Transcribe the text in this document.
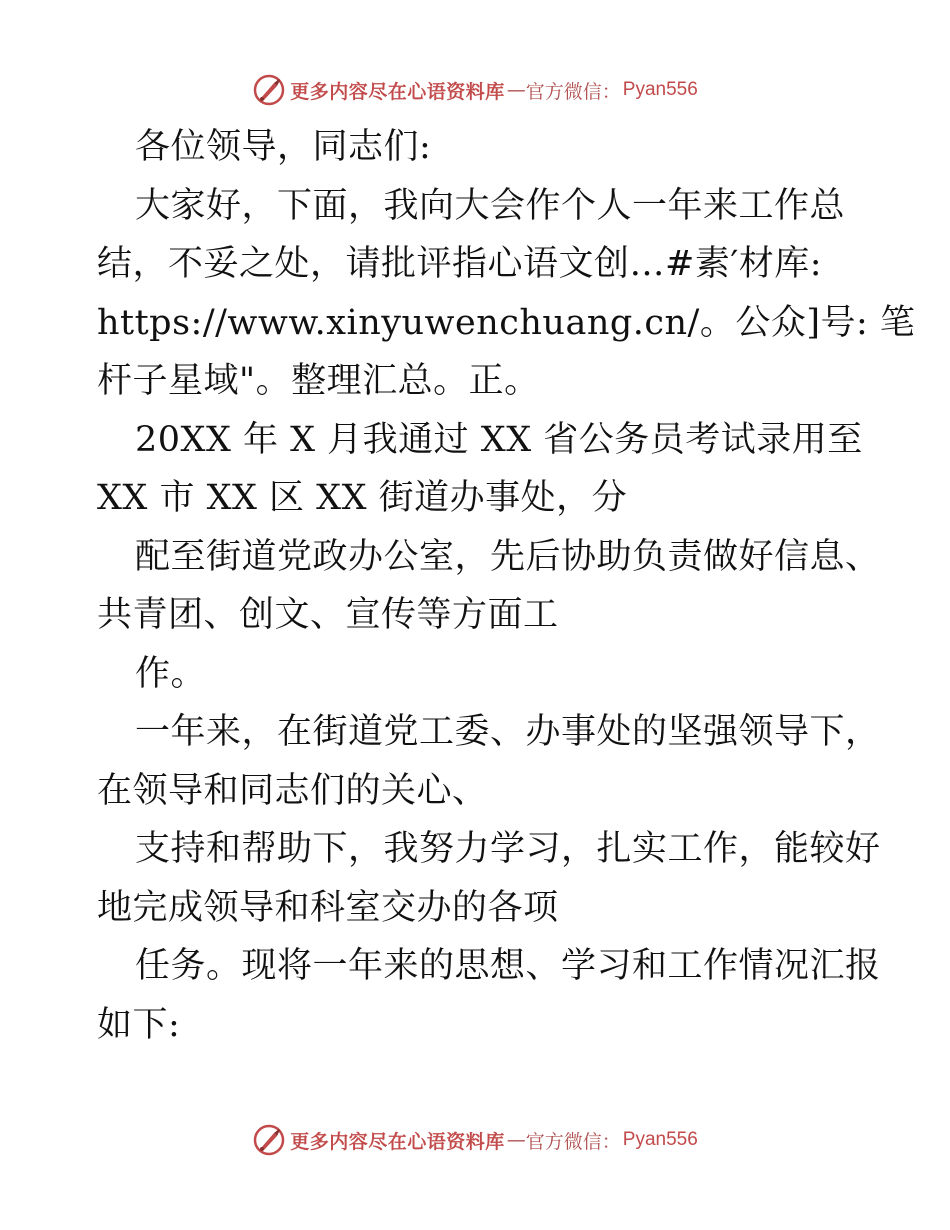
更多内容尽在心语资料库 — 官方微信 ： Pyan556
各位领导，同志们:
大家好，下面，我向大会作个人一年来工作总
结，不妥之处，请批评指心语文创…#素′材库:
https://www.xinyuwenchuang.cn/。公众]号: 笔
杆子星域"。整理汇总。正。
20XX 年 X 月我通过 XX 省公务员考试录用至
XX 市 XX 区 XX 街道办事处，分
配至街道党政办公室，先后协助负责做好信息、
共青团、创文、宣传等方面工
作。
一年来，在街道党工委、办事处的坚强领导下，
在领导和同志们的关心、
支持和帮助下，我努力学习，扎实工作，能较好
地完成领导和科室交办的各项
任务。现将一年来的思想、学习和工作情况汇报
如下:
更多内容尽在心语资料库 — 官方微信 ： Pyan556
